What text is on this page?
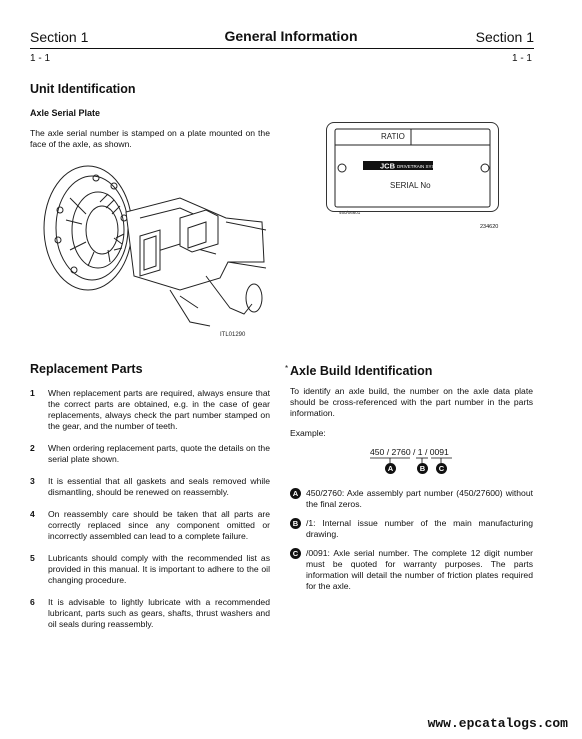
Section 1	General Information	Section 1
1 - 1	1 - 1
Unit Identification
Axle Serial Plate
The axle serial number is stamped on a plate mounted on the face of the axle, as shown.
ITL01290
JCB DRIVETRAIN SYSTEMS
RATIO
SERIAL No
460/06601
234620
Replacement Parts
1 When replacement parts are required, always ensure that the correct parts are obtained, e.g. in the case of gear replacements, always check the part number stamped on the gear, and the number of teeth.
2 When ordering replacement parts, quote the details on the serial plate shown.
3 It is essential that all gaskets and seals removed while dismantling, should be renewed on reassembly.
4 On reassembly care should be taken that all parts are correctly replaced since any component omitted or incorrectly assembled can lead to a complete failure.
5 Lubricants should comply with the recommended list as provided in this manual. It is important to adhere to the oil changing procedure.
6 It is advisable to lightly lubricate with a recommended lubricant, parts such as gears, shafts, thrust washers and oil seals during reassembly.
* Axle Build Identification
To identify an axle build, the number on the axle data plate should be cross-referenced with the part number in the parts information.
Example:
450 / 2760 / 1 / 0091
A	B	C
A 450/2760: Axle assembly part number (450/27600) without the final zeros.
B /1: Internal issue number of the main manufacturing drawing.
C /0091: Axle serial number. The complete 12 digit number must be quoted for warranty purposes. The parts information will detail the number of friction plates required for the axle.
www.epcatalogs.com
